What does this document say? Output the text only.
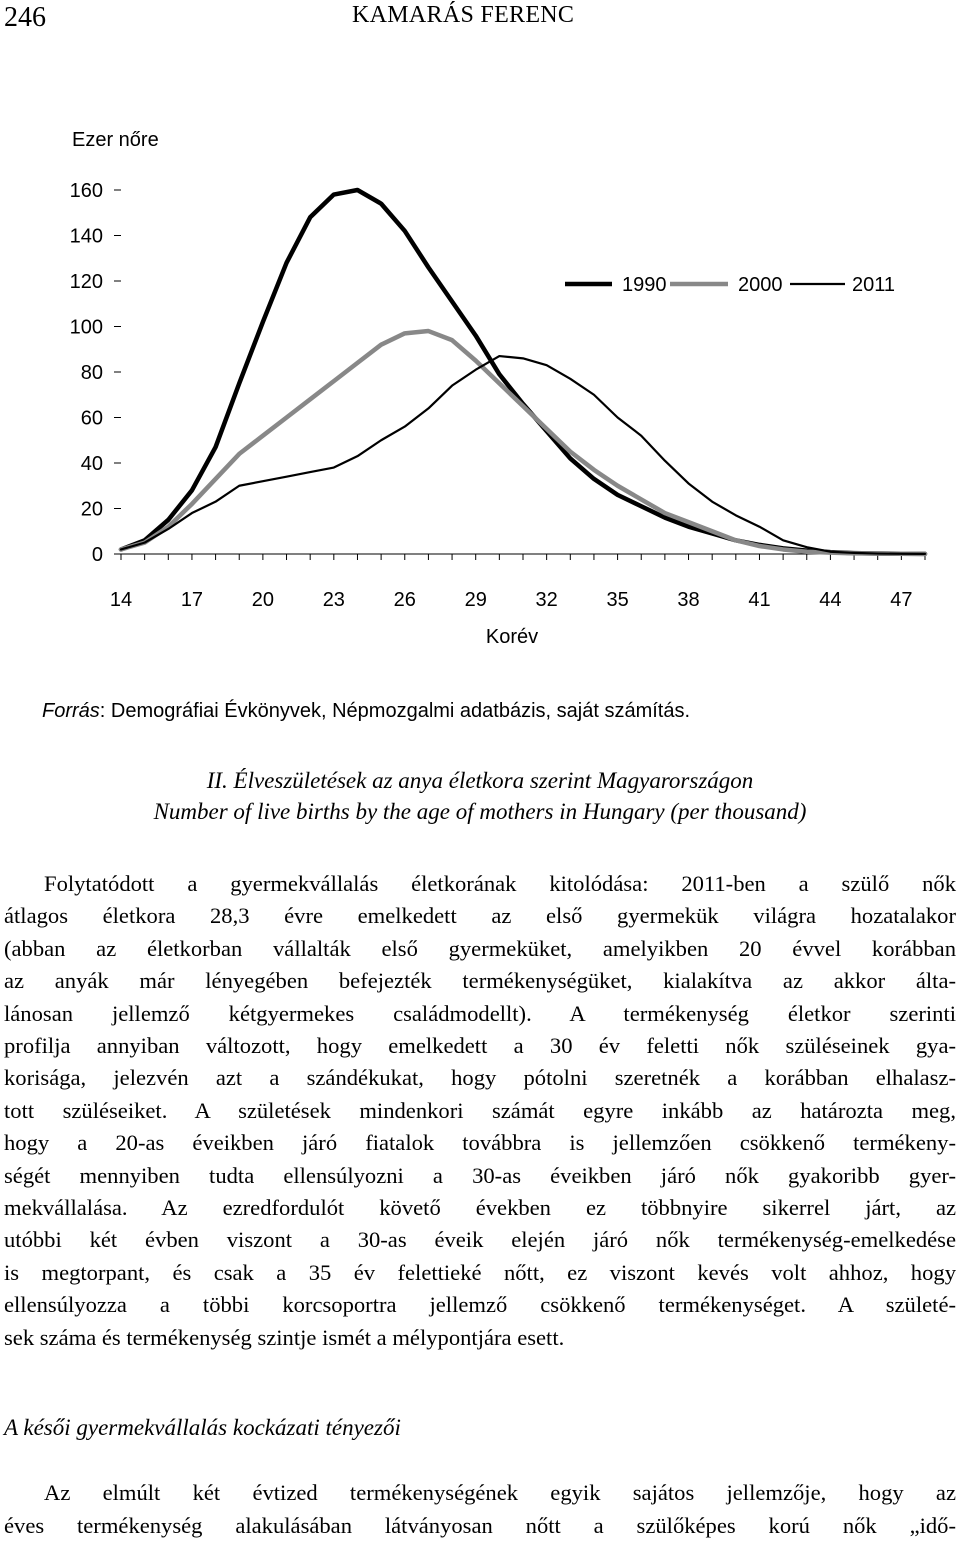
246	KAMARÁS FERENC
Ezer nőre
0
20
40
60
80
100
120
140
160
14 17 20 23 26 29 32 35 38 41 44 47
1990	2000	2011
Korév
Forrás: Demográfiai Évkönyvek, Népmozgalmi adatbázis, saját számítás.
II. Élveszületések az anya életkora szerint Magyarországon
Number of live births by the age of mothers in Hungary (per thousand)
Folytatódott a gyermekvállalás életkorának kitolódása: 2011-ben a szülő nők
átlagos életkora 28,3 évre emelkedett az első gyermekük világra hozatalakor
(abban az életkorban vállalták első gyermeküket, amelyikben 20 évvel korábban
az anyák már lényegében befejezték termékenységüket, kialakítva az akkor álta-
lánosan jellemző kétgyermekes családmodellt). A termékenység életkor szerinti
profilja annyiban változott, hogy emelkedett a 30 év feletti nők szüléseinek gya-
korisága, jelezvén azt a szándékukat, hogy pótolni szeretnék a korábban elhalasz-
tott szüléseiket. A születések mindenkori számát egyre inkább az határozta meg,
hogy a 20-as éveikben járó fiatalok továbbra is jellemzően csökkenő termékeny-
ségét mennyiben tudta ellensúlyozni a 30-as éveikben járó nők gyakoribb gyer-
mekvállalása. Az ezredfordulót követő években ez többnyire sikerrel járt, az
utóbbi két évben viszont a 30-as éveik elején járó nők termékenység-emelkedése
is megtorpant, és csak a 35 év felettieké nőtt, ez viszont kevés volt ahhoz, hogy
ellensúlyozza a többi korcsoportra jellemző csökkenő termékenységet. A születé-
sek száma és termékenység szintje ismét a mélypontjára esett.
A késői gyermekvállalás kockázati tényezői
Az elmúlt két évtized termékenységének egyik sajátos jellemzője, hogy az
éves termékenység alakulásában látványosan nőtt a szülőképes korú nők „idő-
